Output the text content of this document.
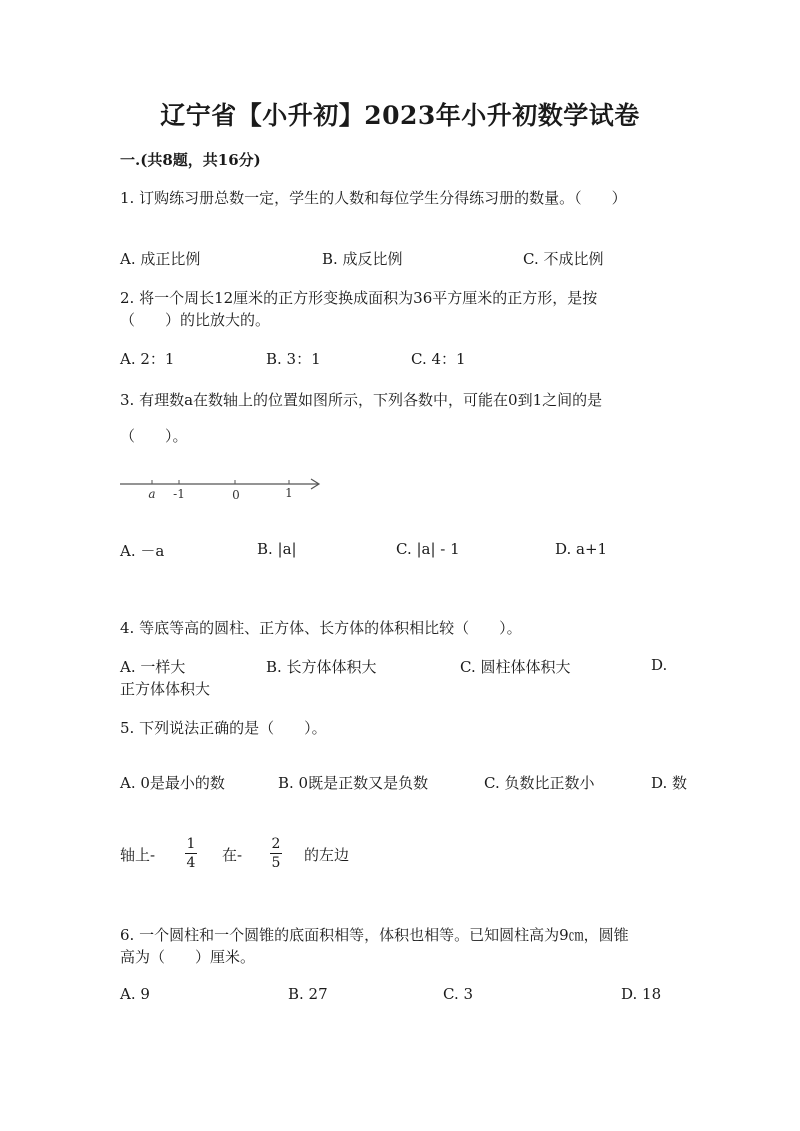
辽宁省【小升初】2023年小升初数学试卷
一.(共8题，共16分)
1. 订购练习册总数一定，学生的人数和每位学生分得练习册的数量。（　　）
A. 成正比例	B. 成反比例	C. 不成比例
2. 将一个周长12厘米的正方形变换成面积为36平方厘米的正方形，是按
（　　）的比放大的。
A. 2：1	B. 3：1	C. 4：1
3. 有理数a在数轴上的位置如图所示，下列各数中，可能在0到1之间的是
（　　）。
a -1	0	1
A. －a	B. |a|	C. |a| - 1	D. a+1
4. 等底等高的圆柱、正方体、长方体的体积相比较（　　）。
A. 一样大	B. 长方体体积大	C. 圆柱体体积大	D.
正方体体积大
5. 下列说法正确的是（　　）。
A. 0是最小的数	B. 0既是正数又是负数	C. 负数比正数小	D. 数
轴上-
1
4 在-
2
5 的左边
6. 一个圆柱和一个圆锥的底面积相等，体积也相等。已知圆柱高为9㎝，圆锥
高为（　　）厘米。
A. 9	B. 27	C. 3	D. 18
